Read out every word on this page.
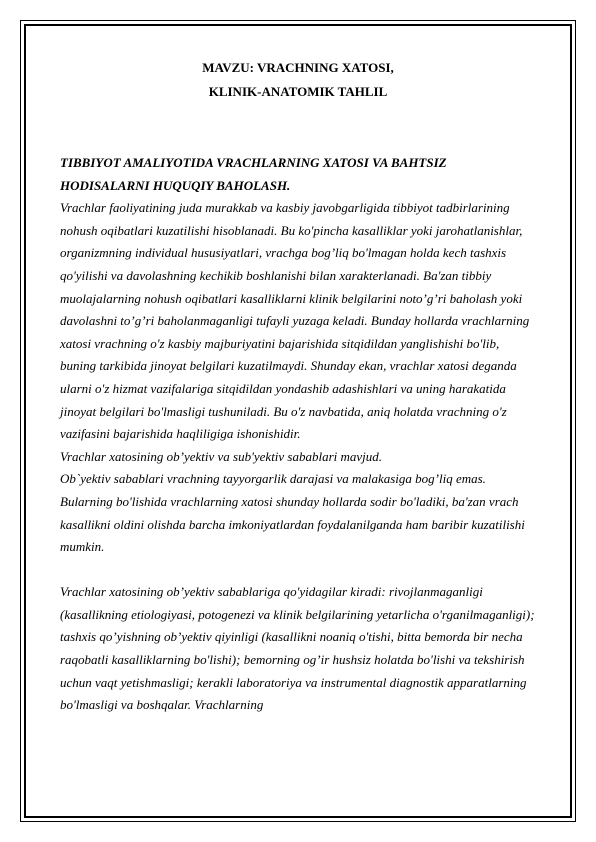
MAVZU: VRACHNING XATOSI,
KLINIK-ANATOMIK TAHLIL

TIBBIYOT AMALIYOTIDA VRACHLARNING XATOSI VA BAHTSIZ HODISALARNI HUQUQIY BAHOLASH.

Vrachlar faoliyatining juda murakkab va kasbiy javobgarligida tibbiyot tadbirlarining nohush oqibatlari kuzatilishi hisoblanadi. Bu ko'pincha kasalliklar yoki jarohatlanishlar, organizmning individual hususiyatlari, vrachga bog’liq bo'lmagan holda kech tashxis qo'yilishi va davolashning kechikib boshlanishi bilan xarakterlanadi. Ba'zan tibbiy muolajalarning nohush oqibatlari kasalliklarni klinik belgilarini noto’g’ri baholash yoki davolashni to’g’ri baholanmaganligi tufayli yuzaga keladi. Bunday hollarda vrachlarning xatosi vrachning o'z kasbiy majburiyatini bajarishida sitqidildan yanglishishi bo'lib, buning tarkibida jinoyat belgilari kuzatilmaydi. Shunday ekan, vrachlar xatosi deganda ularni o'z hizmat vazifalariga sitqidildan yondashib adashishlari va uning harakatida jinoyat belgilari bo'lmasligi tushuniladi. Bu o'z navbatida, aniq holatda vrachning o'z vazifasini bajarishida haqliligiga ishonishidir.

Vrachlar xatosining ob’yektiv va sub'yektiv sabablari mavjud.

Ob`yektiv sabablari vrachning tayyorgarlik darajasi va malakasiga bog’liq emas. Bularning bo'lishida vrachlarning xatosi shunday hollarda sodir bo'ladiki, ba'zan vrach kasallikni oldini olishda barcha imkoniyatlardan foydalanilganda ham baribir kuzatilishi mumkin.

Vrachlar xatosining ob’yektiv sabablariga qo'yidagilar kiradi: rivojlanmaganligi (kasallikning etiologiyasi, potogenezi va klinik belgilarining yetarlicha o'rganilmaganligi); tashxis qo’yishning ob’yektiv qiyinligi (kasallikni noaniq o'tishi, bitta bemorda bir necha raqobatli kasalliklarning bo'lishi); bemorning og’ir hushsiz holatda bo'lishi va tekshirish uchun vaqt yetishmasligi; kerakli laboratoriya va instrumental diagnostik apparatlarning bo'lmasligi va boshqalar. Vrachlarning
